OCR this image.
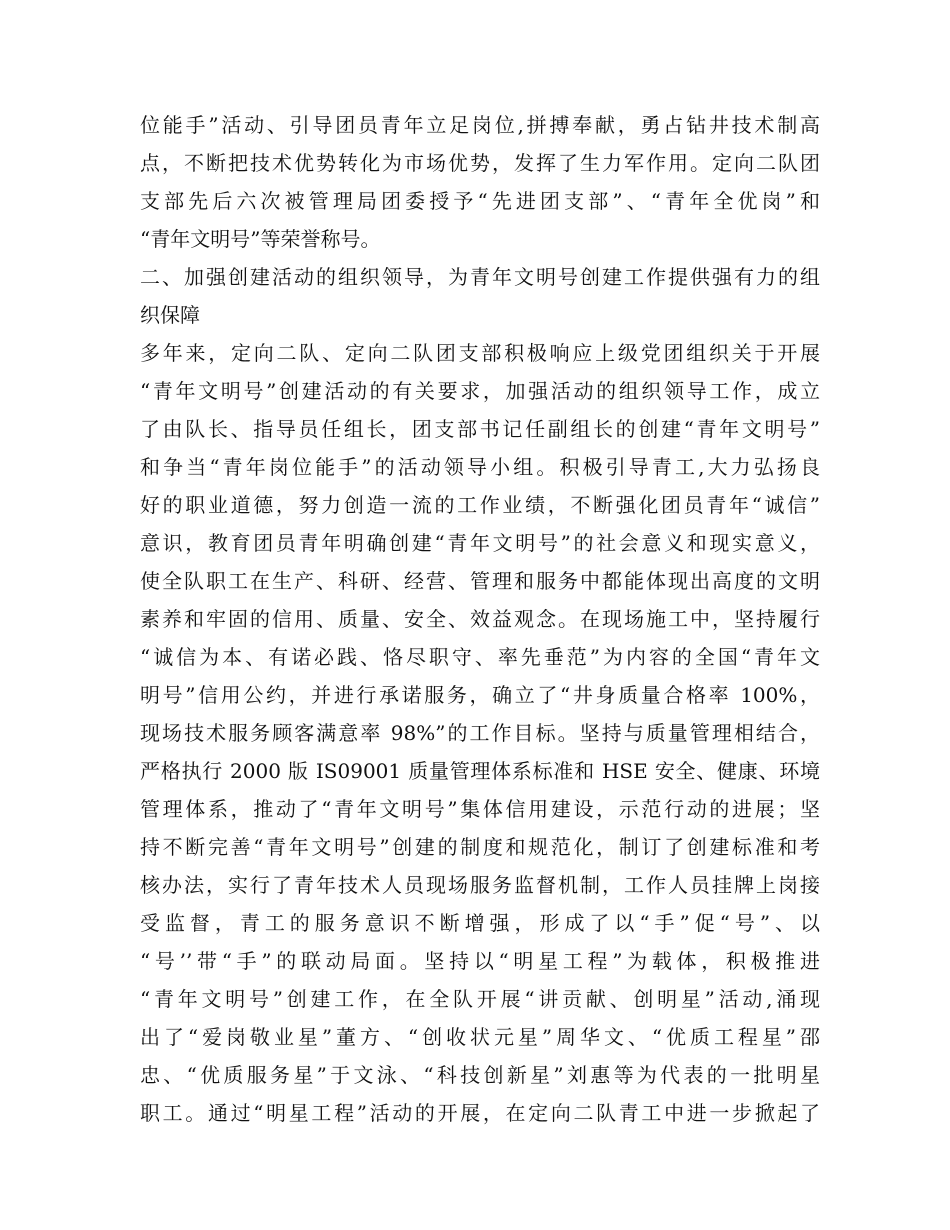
位能手”活动、引导团员青年立足岗位,拼搏奉献，勇占钻井技术制高
点，不断把技术优势转化为市场优势，发挥了生力军作用。定向二队团
支部先后六次被管理局团委授予“先进团支部”、“青年全优岗”和
“青年文明号”等荣誉称号。
二、加强创建活动的组织领导，为青年文明号创建工作提供强有力的组
织保障
多年来，定向二队、定向二队团支部积极响应上级党团组织关于开展
“青年文明号”创建活动的有关要求，加强活动的组织领导工作，成立
了由队长、指导员任组长，团支部书记任副组长的创建“青年文明号”
和争当“青年岗位能手”的活动领导小组。积极引导青工,大力弘扬良
好的职业道德，努力创造一流的工作业绩，不断强化团员青年“诚信”
意识，教育团员青年明确创建“青年文明号”的社会意义和现实意义，
使全队职工在生产、科研、经营、管理和服务中都能体现出高度的文明
素养和牢固的信用、质量、安全、效益观念。在现场施工中，坚持履行
“诚信为本、有诺必践、恪尽职守、率先垂范”为内容的全国“青年文
明号”信用公约，并进行承诺服务，确立了“井身质量合格率 100%，
现场技术服务顾客满意率 98%”的工作目标。坚持与质量管理相结合，
严格执行 2000 版 IS09001 质量管理体系标准和 HSE 安全、健康、环境
管理体系，推动了“青年文明号”集体信用建设，示范行动的进展；坚
持不断完善“青年文明号”创建的制度和规范化，制订了创建标准和考
核办法，实行了青年技术人员现场服务监督机制，工作人员挂牌上岗接
受监督，青工的服务意识不断增强，形成了以“手”促“号”、以
“号’’带“手”的联动局面。坚持以“明星工程”为载体，积极推进
“青年文明号”创建工作，在全队开展“讲贡献、创明星”活动,涌现
出了“爱岗敬业星”董方、“创收状元星”周华文、“优质工程星”邵
忠、“优质服务星”于文泳、“科技创新星”刘惠等为代表的一批明星
职工。通过“明星工程”活动的开展，在定向二队青工中进一步掀起了
